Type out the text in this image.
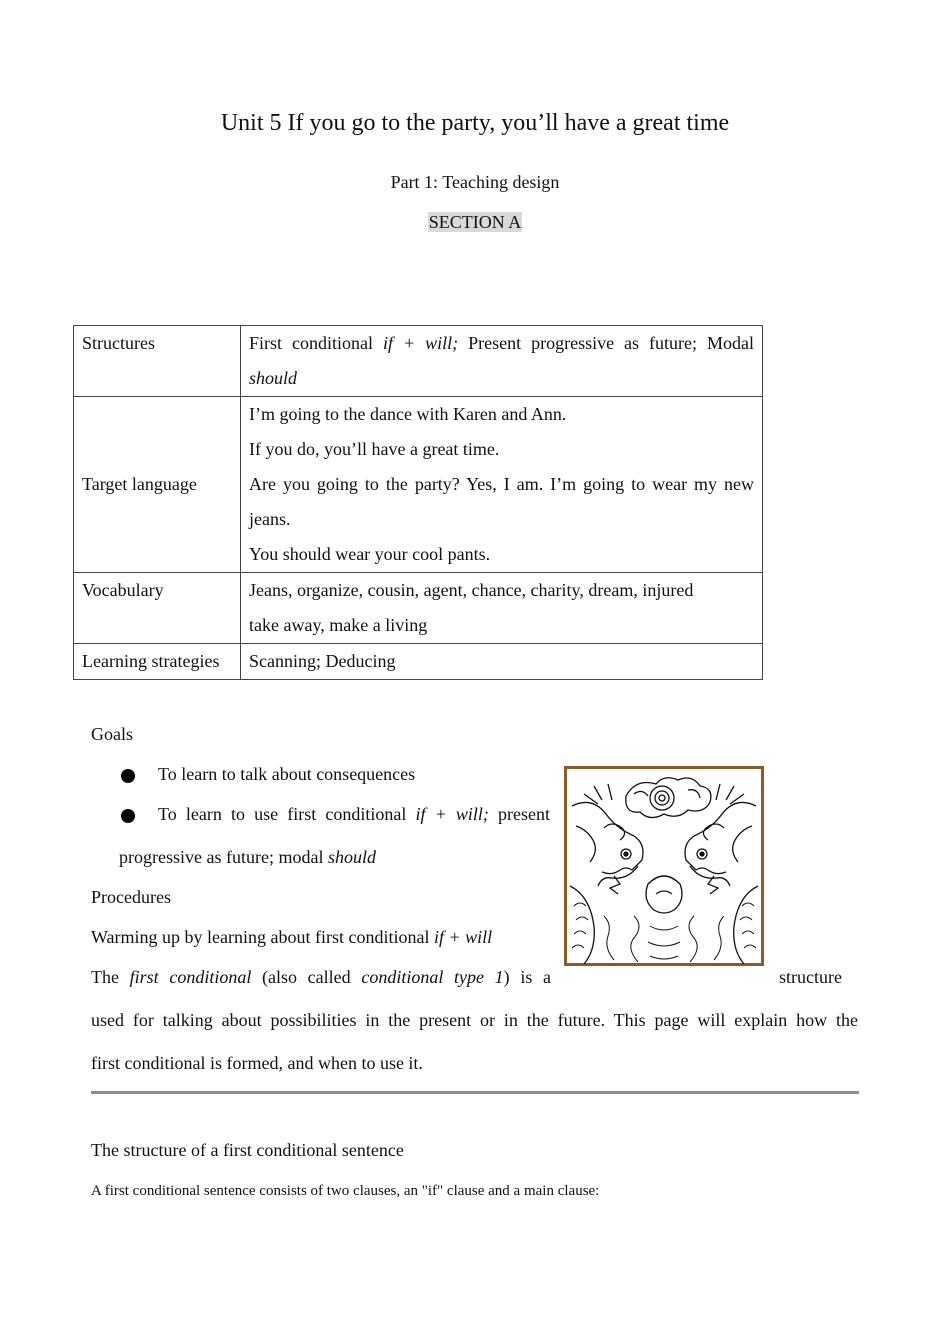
Unit 5 If you go to the party, you’ll have a great time
Part 1: Teaching design
SECTION A
Structures	First conditional if + will; Present progressive as future; Modal
should

Target language	I’m going to the dance with Karen and Ann.
If you do, you’ll have a great time.
Are you going to the party? Yes, I am. I’m going to wear my new
jeans.
You should wear your cool pants.

Vocabulary	Jeans, organize, cousin, agent, chance, charity, dream, injured
take away, make a living

Learning strategies	Scanning; Deducing
Goals
To learn to talk about consequences
To learn to use first conditional if + will; present
progressive as future; modal should
Procedures
Warming up by learning about first conditional if + will
The first conditional (also called conditional type 1) is a	structure
used for talking about possibilities in the present or in the future. This page will explain how the
first conditional is formed, and when to use it.
The structure of a first conditional sentence
A first conditional sentence consists of two clauses, an "if" clause and a main clause:
